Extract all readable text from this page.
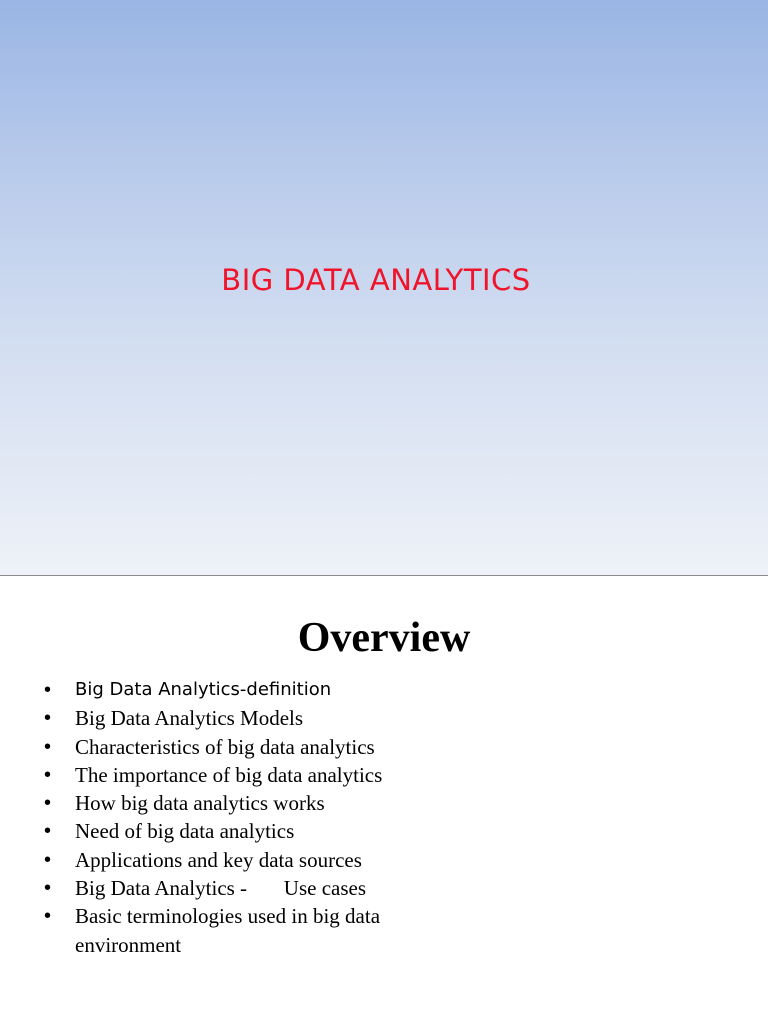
BIG DATA ANALYTICS
Overview
• Big Data Analytics-definition
• Big Data Analytics Models
• Characteristics of big data analytics
• The importance of big data analytics
• How big data analytics works
• Need of big data analytics
• Applications and key data sources
• Big Data Analytics -       Use cases
• Basic terminologies used in big data environment
